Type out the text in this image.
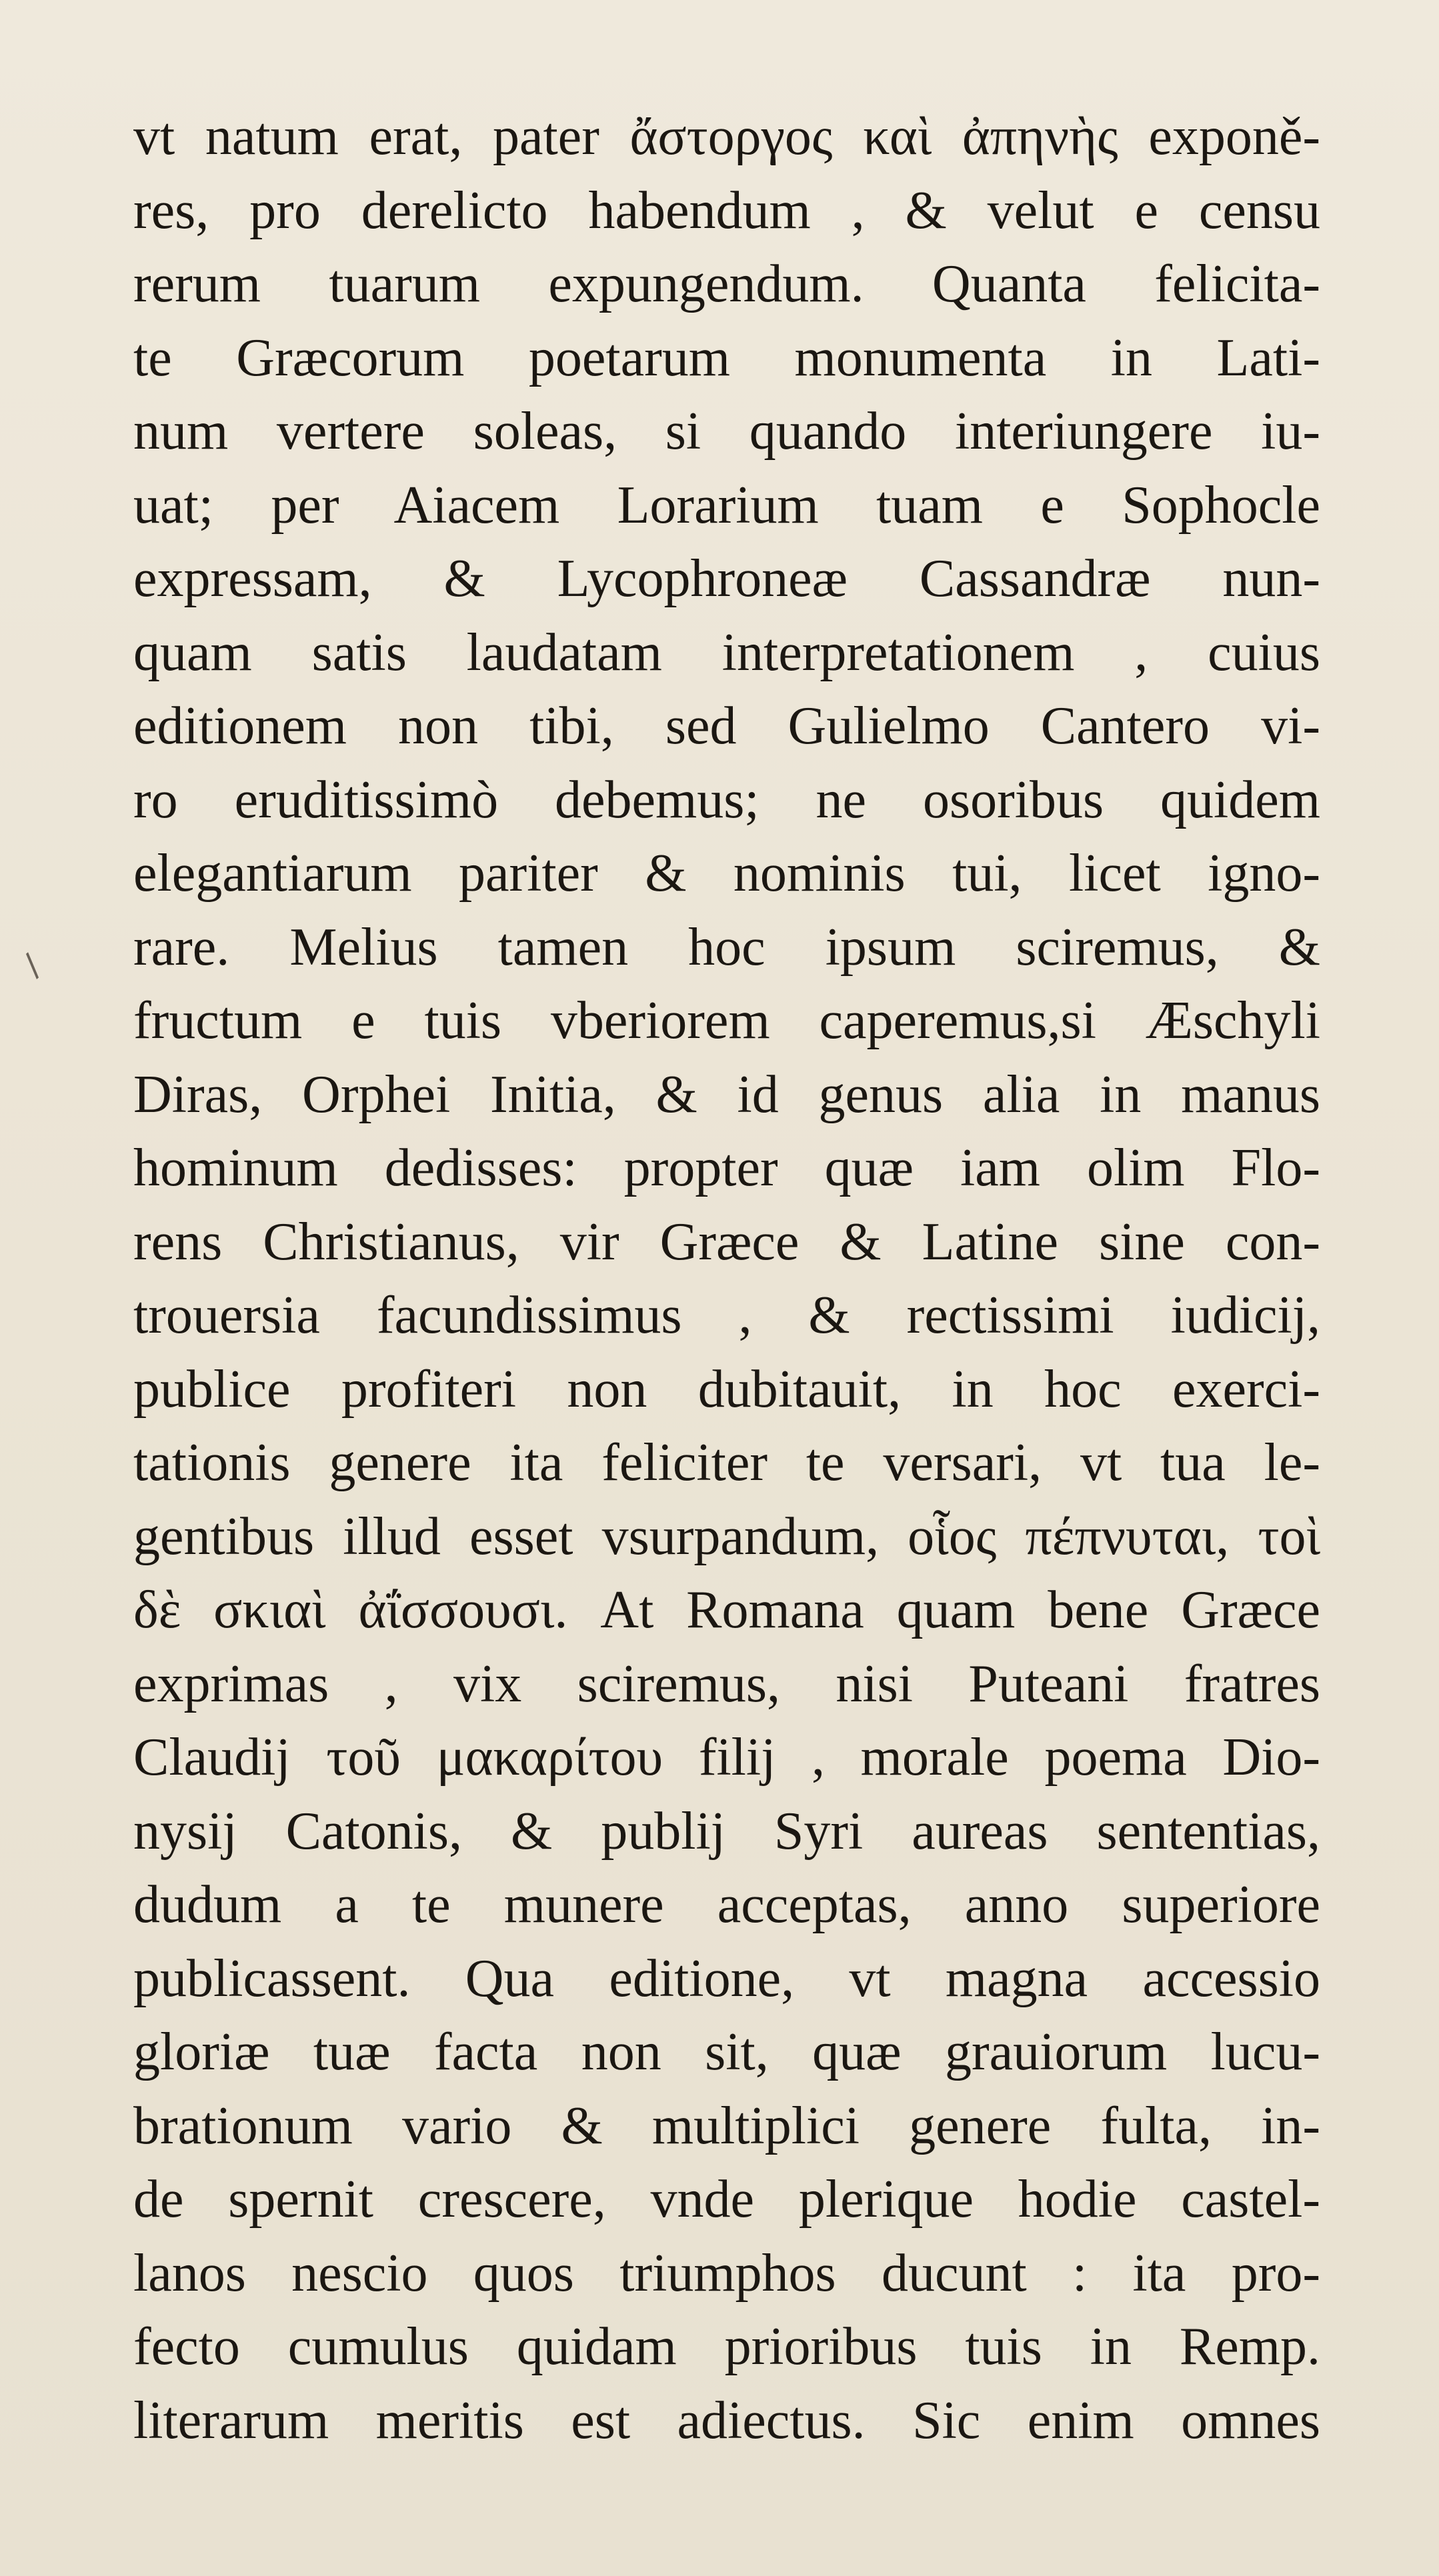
vt natum erat, pater ἄστοργος καὶ ἀπηνὴς exponě-
res, pro derelicto habendum , & velut e censu
rerum tuarum expungendum. Quanta felicita-
te Græcorum poetarum monumenta in Lati-
num vertere soleas, si quando interiungere iu-
uat; per Aiacem Lorarium tuam e Sophocle
expressam, & Lycophroneæ Cassandræ nun-
quam satis laudatam interpretationem , cuius
editionem non tibi, sed Gulielmo Cantero vi-
ro eruditissimò debemus; ne osoribus quidem
elegantiarum pariter & nominis tui, licet igno-
rare. Melius tamen hoc ipsum sciremus, &
fructum e tuis vberiorem caperemus,si Æschyli
Diras, Orphei Initia, & id genus alia in manus
hominum dedisses: propter quæ iam olim Flo-
rens Christianus, vir Græce & Latine sine con-
trouersia facundissimus , & rectissimi iudicij,
publice profiteri non dubitauit, in hoc exerci-
tationis genere ita feliciter te versari, vt tua le-
gentibus illud esset vsurpandum, οἷος πέπνυται, τοὶ
δὲ σκιαὶ ἀΐσσουσι. At Romana quam bene Græce
exprimas , vix sciremus, nisi Puteani fratres
Claudij τοῦ μακαρίτου filij , morale poema Dio-
nysij Catonis, & publij Syri aureas sententias,
dudum a te munere acceptas, anno superiore
publicassent. Qua editione, vt magna accessio
gloriæ tuæ facta non sit, quæ grauiorum lucu-
brationum vario & multiplici genere fulta, in-
de spernit crescere, vnde plerique hodie castel-
lanos nescio quos triumphos ducunt : ita pro-
fecto cumulus quidam prioribus tuis in Remp.
literarum meritis est adiectus. Sic enim omnes
/
